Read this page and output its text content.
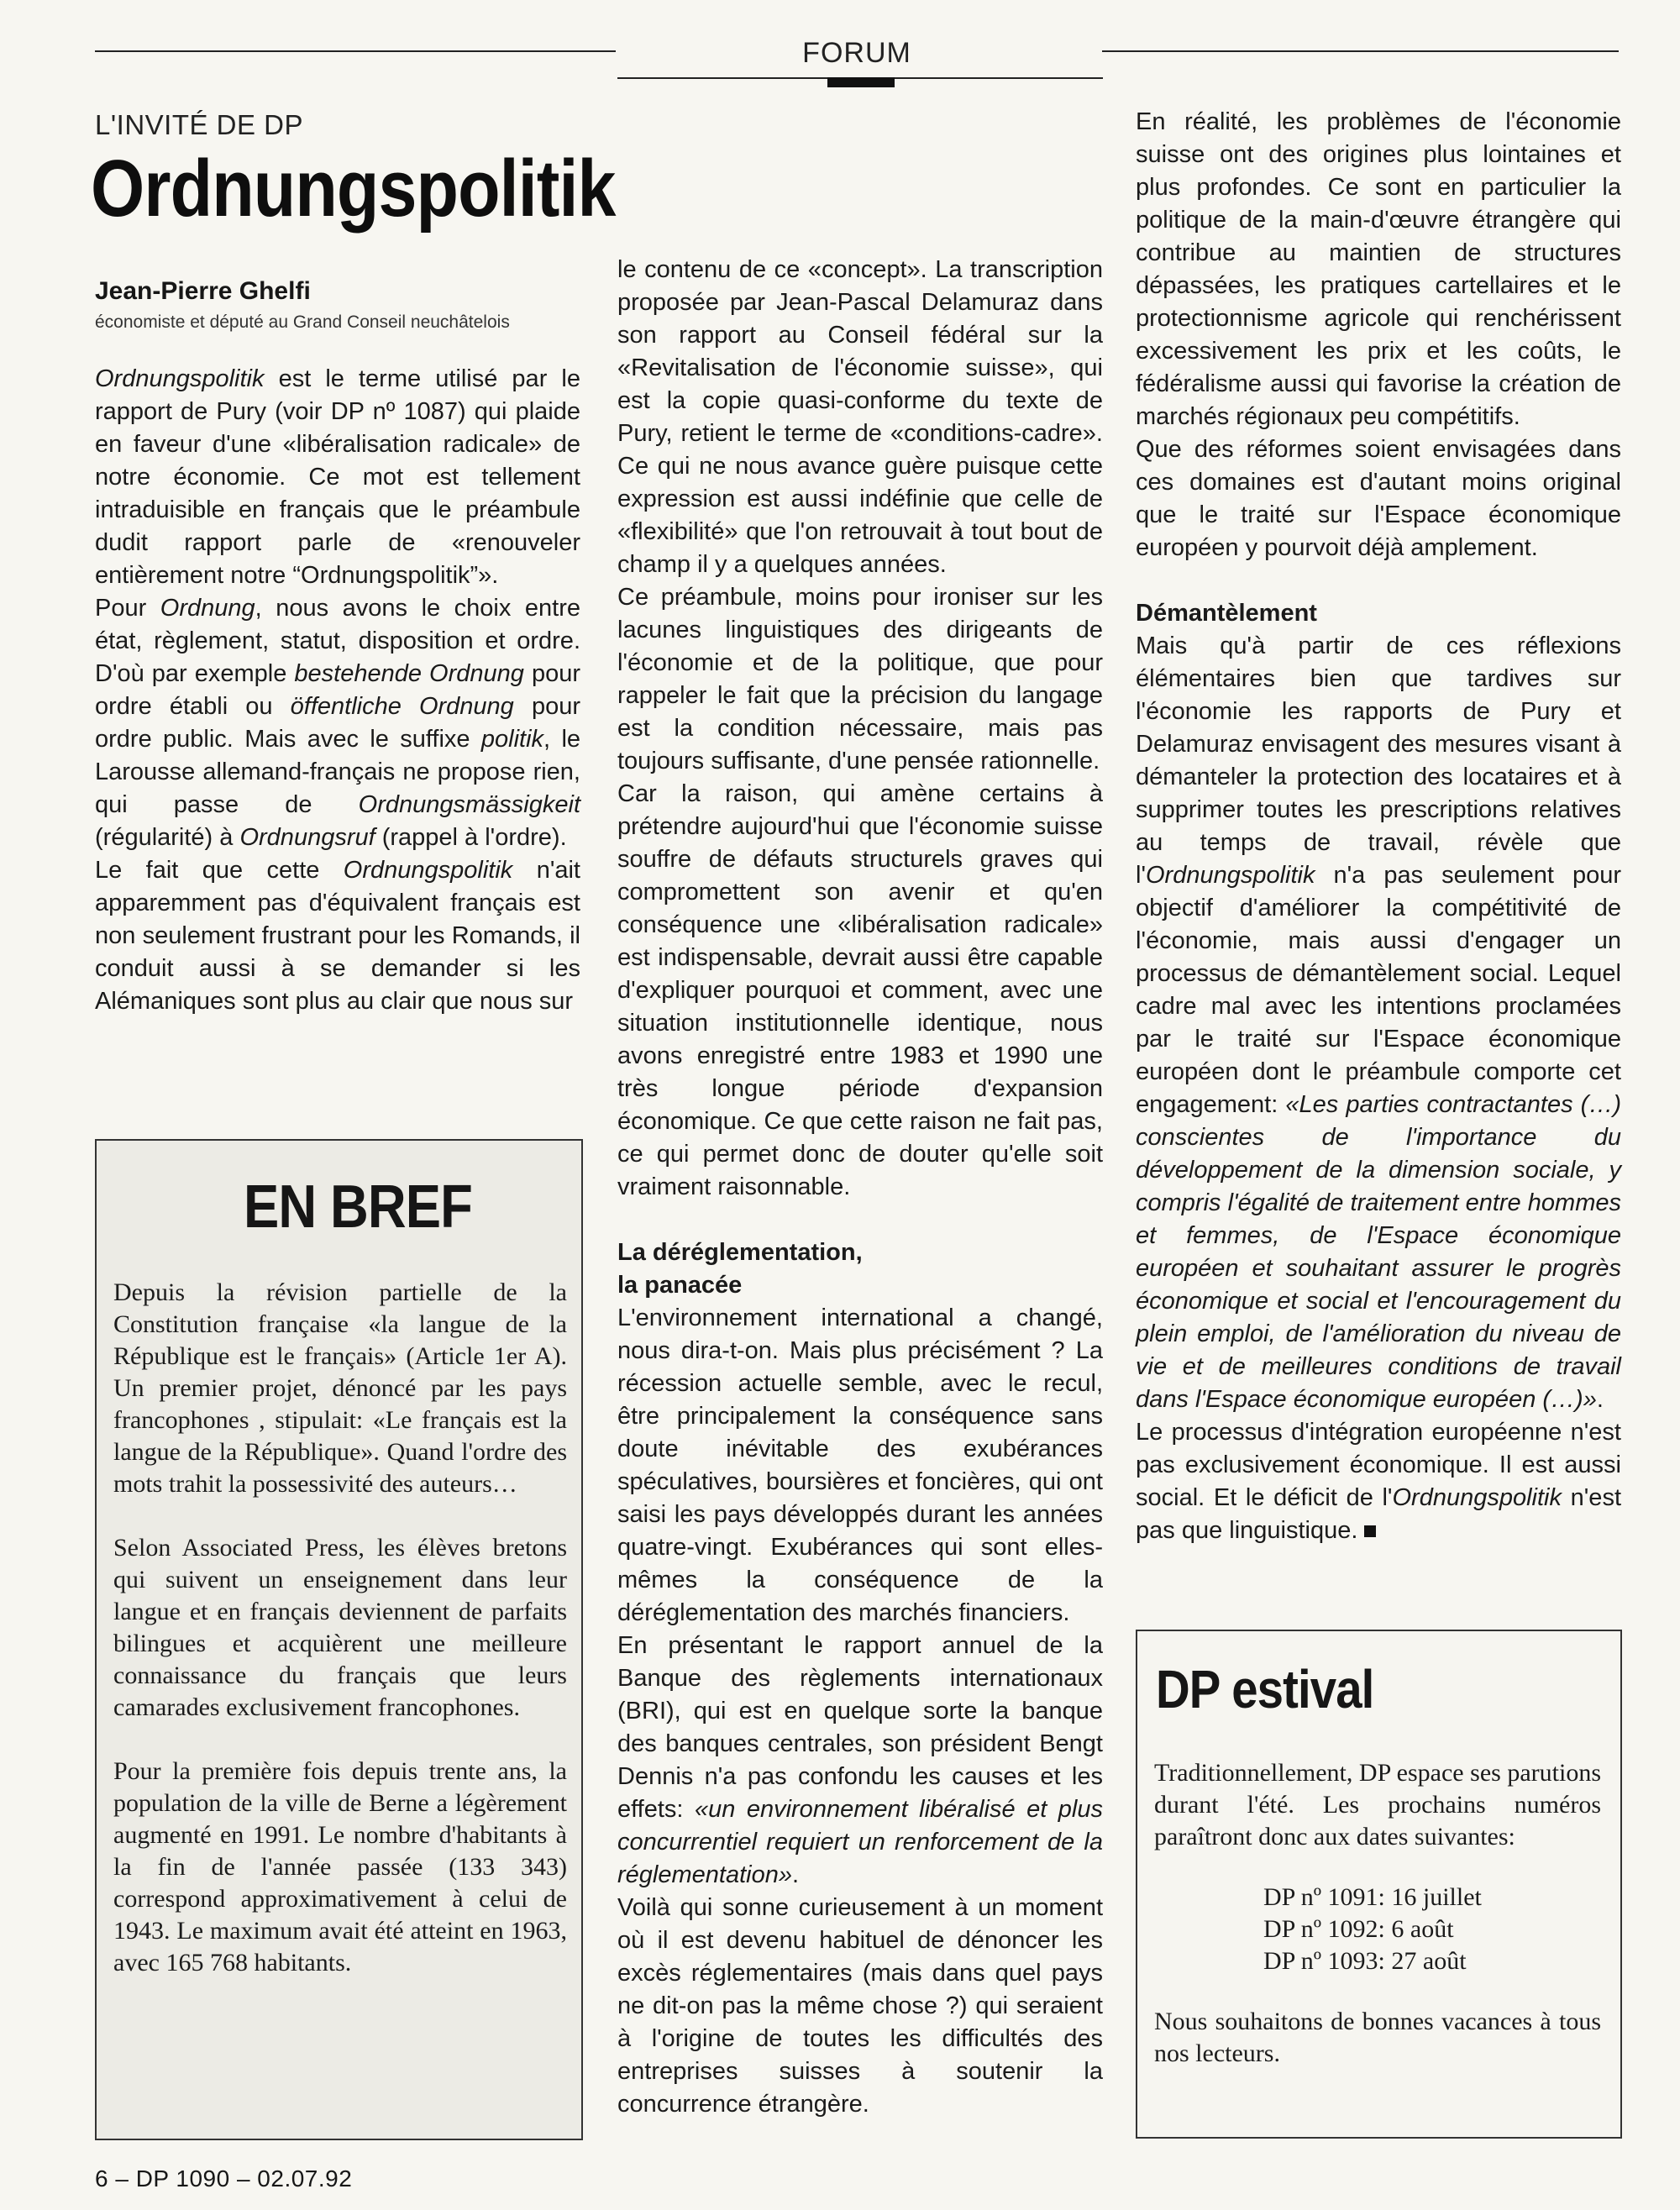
FORUM
L'INVITÉ DE DP
Ordnungspolitik
Jean-Pierre Ghelfi
économiste et député au Grand Conseil neuchâtelois

Ordnungspolitik est le terme utilisé par le rapport de Pury (voir DP nº 1087) qui plaide en faveur d'une «libéralisation radicale» de notre économie. Ce mot est tellement intraduisible en français que le préambule dudit rapport parle de «renouveler entièrement notre “Ordnungspolitik”».

Pour Ordnung, nous avons le choix entre état, règlement, statut, disposition et ordre. D'où par exemple bestehende Ordnung pour ordre établi ou öffentliche Ordnung pour ordre public. Mais avec le suffixe politik, le Larousse allemand-français ne propose rien, qui passe de Ordnungsmässigkeit (régularité) à Ordnungsruf (rappel à l'ordre).

Le fait que cette Ordnungspolitik n'ait apparemment pas d'équivalent français est non seulement frustrant pour les Romands, il conduit aussi à se demander si les Alémaniques sont plus au clair que nous sur

EN BREF

Depuis la révision partielle de la Constitution française «la langue de la République est le français» (Article 1er A). Un premier projet, dénoncé par les pays francophones , stipulait: «Le français est la langue de la République». Quand l'ordre des mots trahit la possessivité des auteurs…

Selon Associated Press, les élèves bretons qui suivent un enseignement dans leur langue et en français deviennent de parfaits bilingues et acquièrent une meilleure connaissance du français que leurs camarades exclusivement francophones.

Pour la première fois depuis trente ans, la population de la ville de Berne a légèrement augmenté en 1991. Le nombre d'habitants à la fin de l'année passée (133 343) correspond approximativement à celui de 1943. Le maximum avait été atteint en 1963, avec 165 768 habitants.

le contenu de ce «concept». La transcription proposée par Jean-Pascal Delamuraz dans son rapport au Conseil fédéral sur la «Revitalisation de l'économie suisse», qui est la copie quasi-conforme du texte de Pury, retient le terme de «conditions-cadre». Ce qui ne nous avance guère puisque cette expression est aussi indéfinie que celle de «flexibilité» que l'on retrouvait à tout bout de champ il y a quelques années.

Ce préambule, moins pour ironiser sur les lacunes linguistiques des dirigeants de l'économie et de la politique, que pour rappeler le fait que la précision du langage est la condition nécessaire, mais pas toujours suffisante, d'une pensée rationnelle.

Car la raison, qui amène certains à prétendre aujourd'hui que l'économie suisse souffre de défauts structurels graves qui compromettent son avenir et qu'en conséquence une «libéralisation radicale» est indispensable, devrait aussi être capable d'expliquer pourquoi et comment, avec une situation institutionnelle identique, nous avons enregistré entre 1983 et 1990 une très longue période d'expansion économique. Ce que cette raison ne fait pas, ce qui permet donc de douter qu'elle soit vraiment raisonnable.

La déréglementation,
la panacée

L'environnement international a changé, nous dira-t-on. Mais plus précisément ? La récession actuelle semble, avec le recul, être principalement la conséquence sans doute inévitable des exubérances spéculatives, boursières et foncières, qui ont saisi les pays développés durant les années quatre-vingt. Exubérances qui sont elles-mêmes la conséquence de la déréglementation des marchés financiers.

En présentant le rapport annuel de la Banque des règlements internationaux (BRI), qui est en quelque sorte la banque des banques centrales, son président Bengt Dennis n'a pas confondu les causes et les effets: «un environnement libéralisé et plus concurrentiel requiert un renforcement de la réglementation».

Voilà qui sonne curieusement à un moment où il est devenu habituel de dénoncer les excès réglementaires (mais dans quel pays ne dit-on pas la même chose ?) qui seraient à l'origine de toutes les difficultés des entreprises suisses à soutenir la concurrence étrangère.

En réalité, les problèmes de l'économie suisse ont des origines plus lointaines et plus profondes. Ce sont en particulier la politique de la main-d'œuvre étrangère qui contribue au maintien de structures dépassées, les pratiques cartellaires et le protectionnisme agricole qui renchérissent excessivement les prix et les coûts, le fédéralisme aussi qui favorise la création de marchés régionaux peu compétitifs.

Que des réformes soient envisagées dans ces domaines est d'autant moins original que le traité sur l'Espace économique européen y pourvoit déjà amplement.

Démantèlement

Mais qu'à partir de ces réflexions élémentaires bien que tardives sur l'économie les rapports de Pury et Delamuraz envisagent des mesures visant à démanteler la protection des locataires et à supprimer toutes les prescriptions relatives au temps de travail, révèle que l'Ordnungspolitik n'a pas seulement pour objectif d'améliorer la compétitivité de l'économie, mais aussi d'engager un processus de démantèlement social. Lequel cadre mal avec les intentions proclamées par le traité sur l'Espace économique européen dont le préambule comporte cet engagement: «Les parties contractantes (…) conscientes de l'importance du développement de la dimension sociale, y compris l'égalité de traitement entre hommes et femmes, de l'Espace économique européen et souhaitant assurer le progrès économique et social et l'encouragement du plein emploi, de l'amélioration du niveau de vie et de meilleures conditions de travail dans l'Espace économique européen (…)».

Le processus d'intégration européenne n'est pas exclusivement économique. Il est aussi social. Et le déficit de l'Ordnungspolitik n'est pas que linguistique.

DP estival

Traditionnellement, DP espace ses parutions durant l'été. Les prochains numéros paraîtront donc aux dates suivantes:

DP nº 1091: 16 juillet
DP nº 1092: 6 août
DP nº 1093: 27 août

Nous souhaitons de bonnes vacances à tous nos lecteurs.

6 – DP 1090 – 02.07.92
